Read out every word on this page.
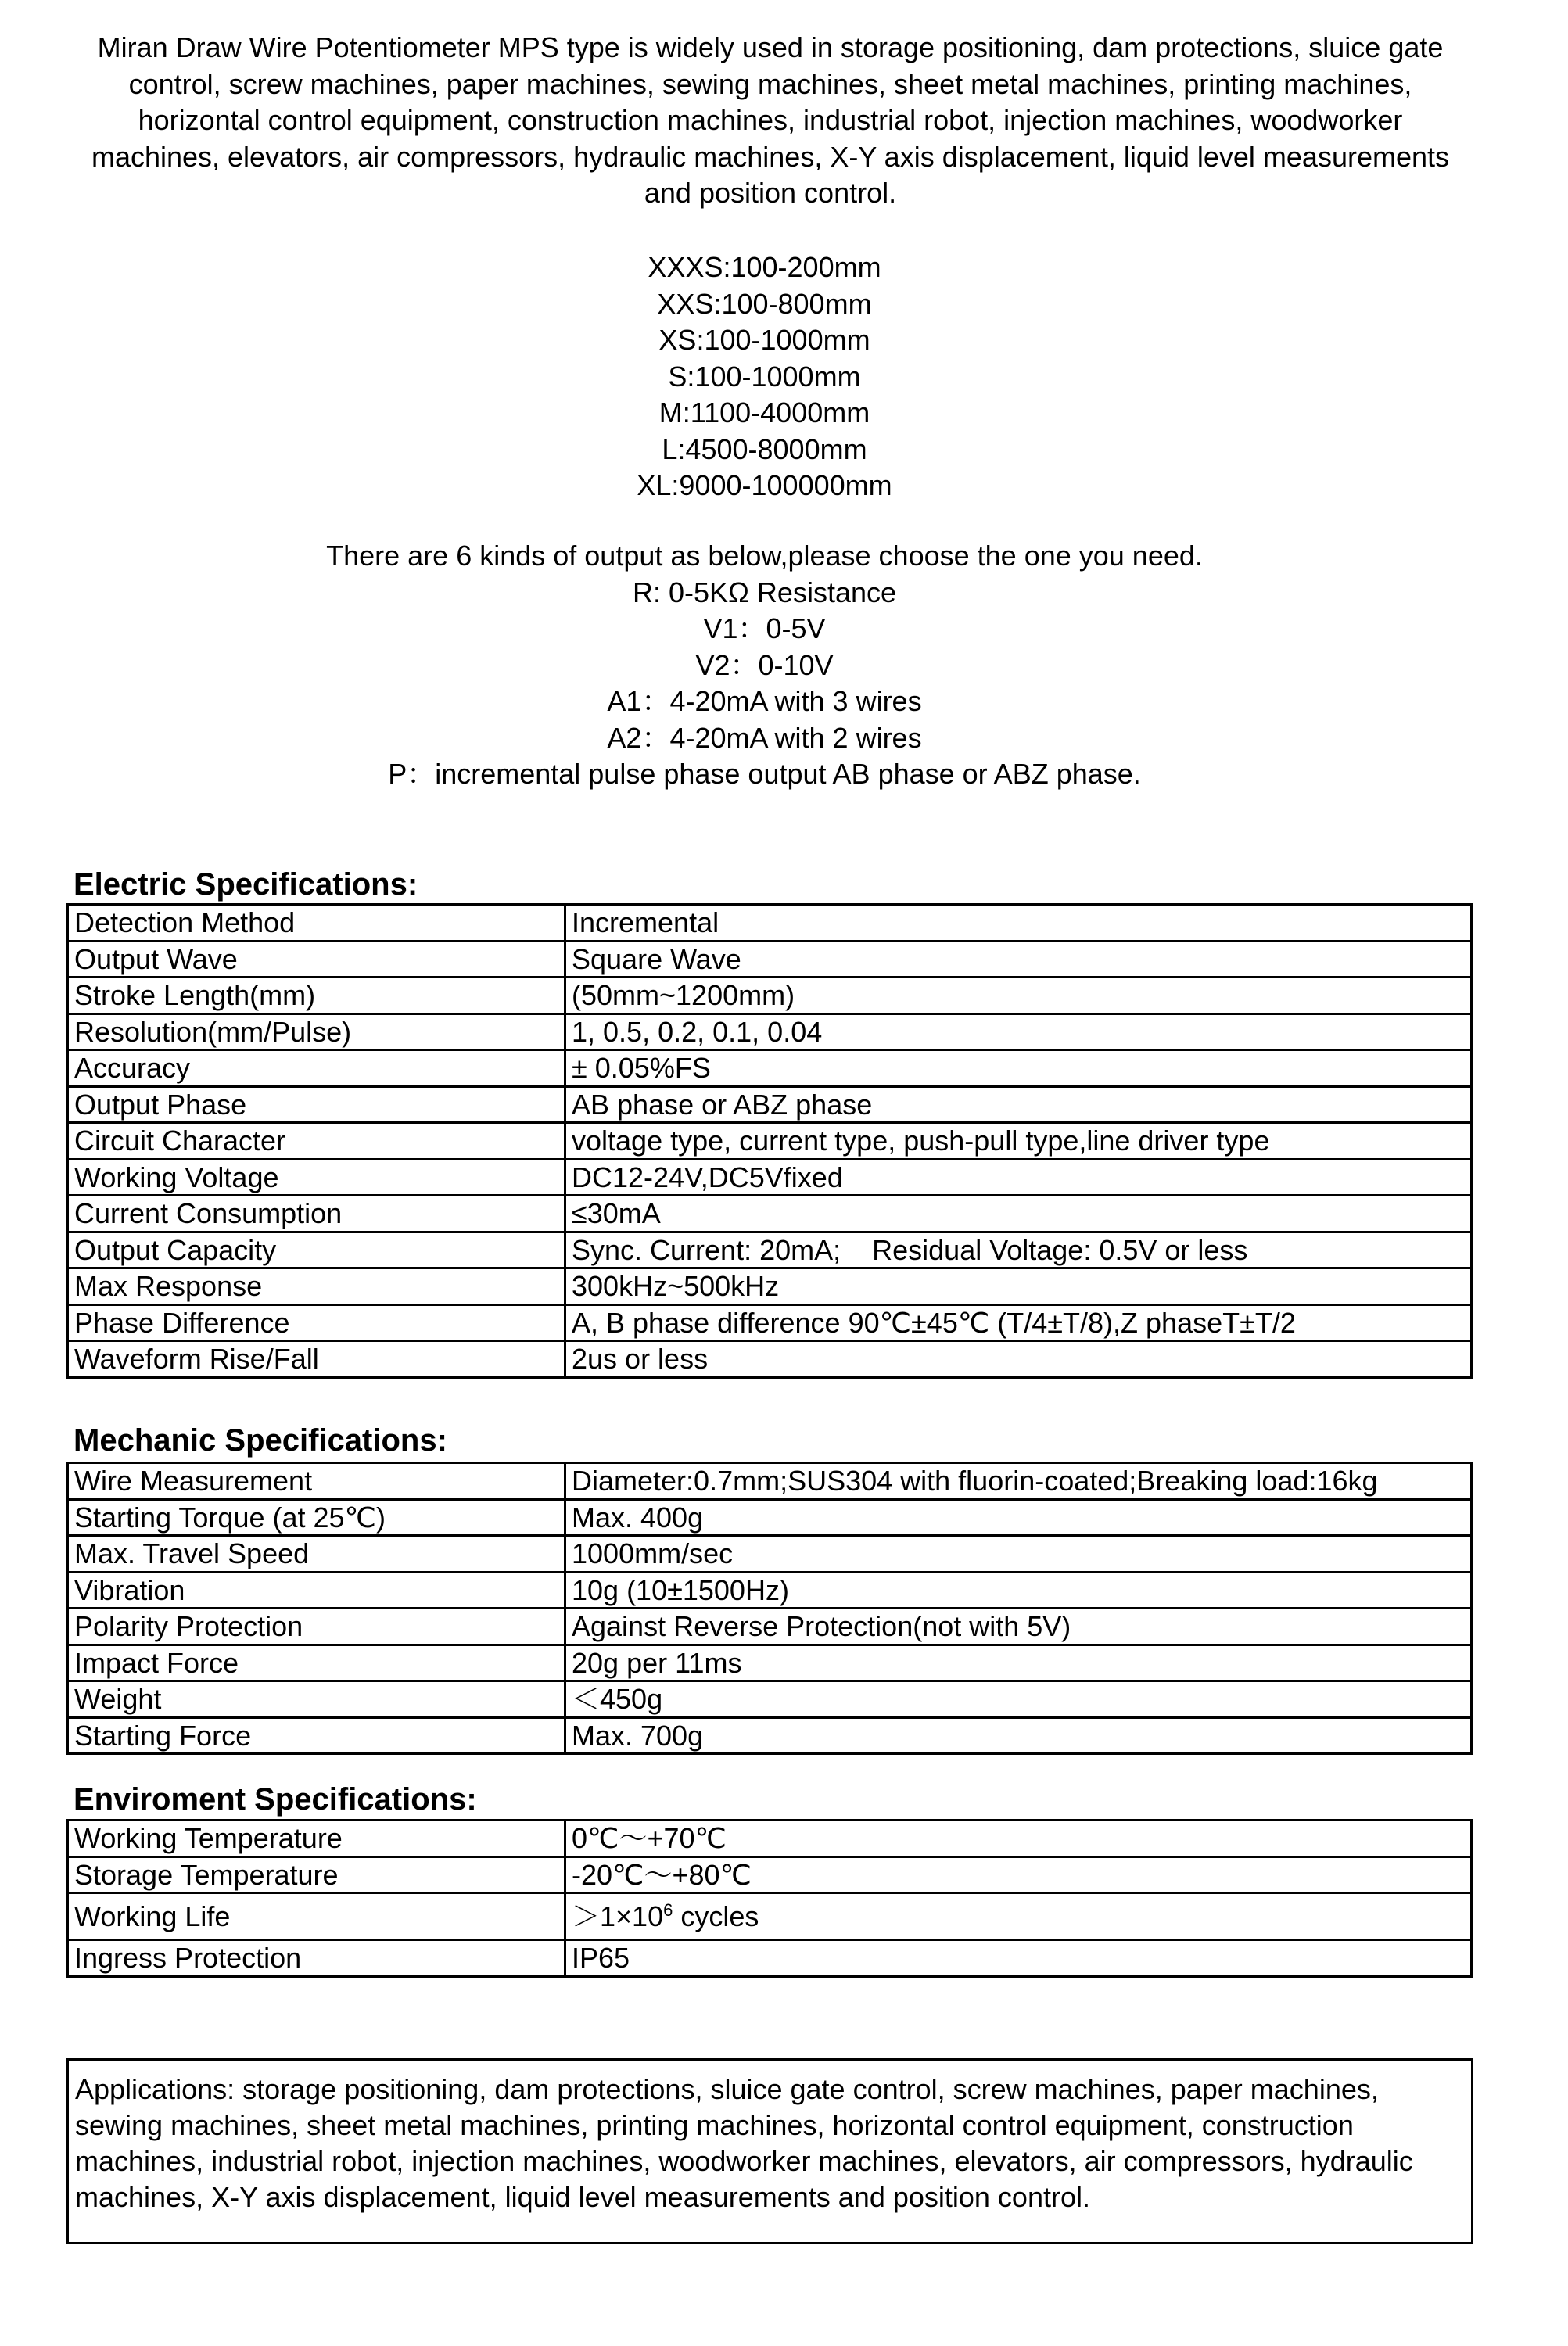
Miran Draw Wire Potentiometer MPS type is widely used in storage positioning, dam protections, sluice gate control, screw machines, paper machines, sewing machines, sheet metal machines, printing machines, horizontal control equipment, construction machines, industrial robot, injection machines, woodworker machines, elevators, air compressors, hydraulic machines, X-Y axis displacement, liquid level measurements and position control.
XXXS:100-200mm
XXS:100-800mm
XS:100-1000mm
S:100-1000mm
M:1100-4000mm
L:4500-8000mm
XL:9000-100000mm
There are 6 kinds of output as below,please choose the one you need.
R: 0-5KΩ Resistance
V1：0-5V
V2：0-10V
A1：4-20mA with 3 wires
A2：4-20mA with 2 wires
P：incremental pulse phase output AB phase or ABZ phase.
Electric Specifications:
Detection Method	Incremental
Output Wave	Square Wave
Stroke Length(mm)	(50mm~1200mm)
Resolution(mm/Pulse)	1, 0.5, 0.2, 0.1, 0.04
Accuracy	± 0.05%FS
Output Phase	AB phase or ABZ phase
Circuit Character	voltage type, current type, push-pull type,line driver type
Working Voltage	DC12-24V,DC5Vfixed
Current Consumption	≤30mA
Output Capacity	Sync. Current: 20mA;    Residual Voltage: 0.5V or less
Max Response	300kHz~500kHz
Phase Difference	A, B phase difference 90℃±45℃ (T/4±T/8),Z phaseT±T/2
Waveform Rise/Fall	2us or less
Mechanic Specifications:
Wire Measurement	Diameter:0.7mm;SUS304 with fluorin-coated;Breaking load:16kg
Starting Torque (at 25℃)	Max. 400g
Max. Travel Speed	1000mm/sec
Vibration	10g (10±1500Hz)
Polarity Protection	Against Reverse Protection(not with 5V)
Impact Force	20g per 11ms
Weight	＜450g
Starting Force	Max. 700g
Enviroment Specifications:
Working Temperature	0℃～+70℃
Storage Temperature	-20℃～+80℃
Working Life	$>1\times 10^6$ cycles
Ingress Protection	IP65
Applications: storage positioning, dam protections, sluice gate control, screw machines, paper machines, sewing machines, sheet metal machines, printing machines, horizontal control equipment, construction machines, industrial robot, injection machines, woodworker machines, elevators, air compressors, hydraulic machines, X-Y axis displacement, liquid level measurements and position control.
